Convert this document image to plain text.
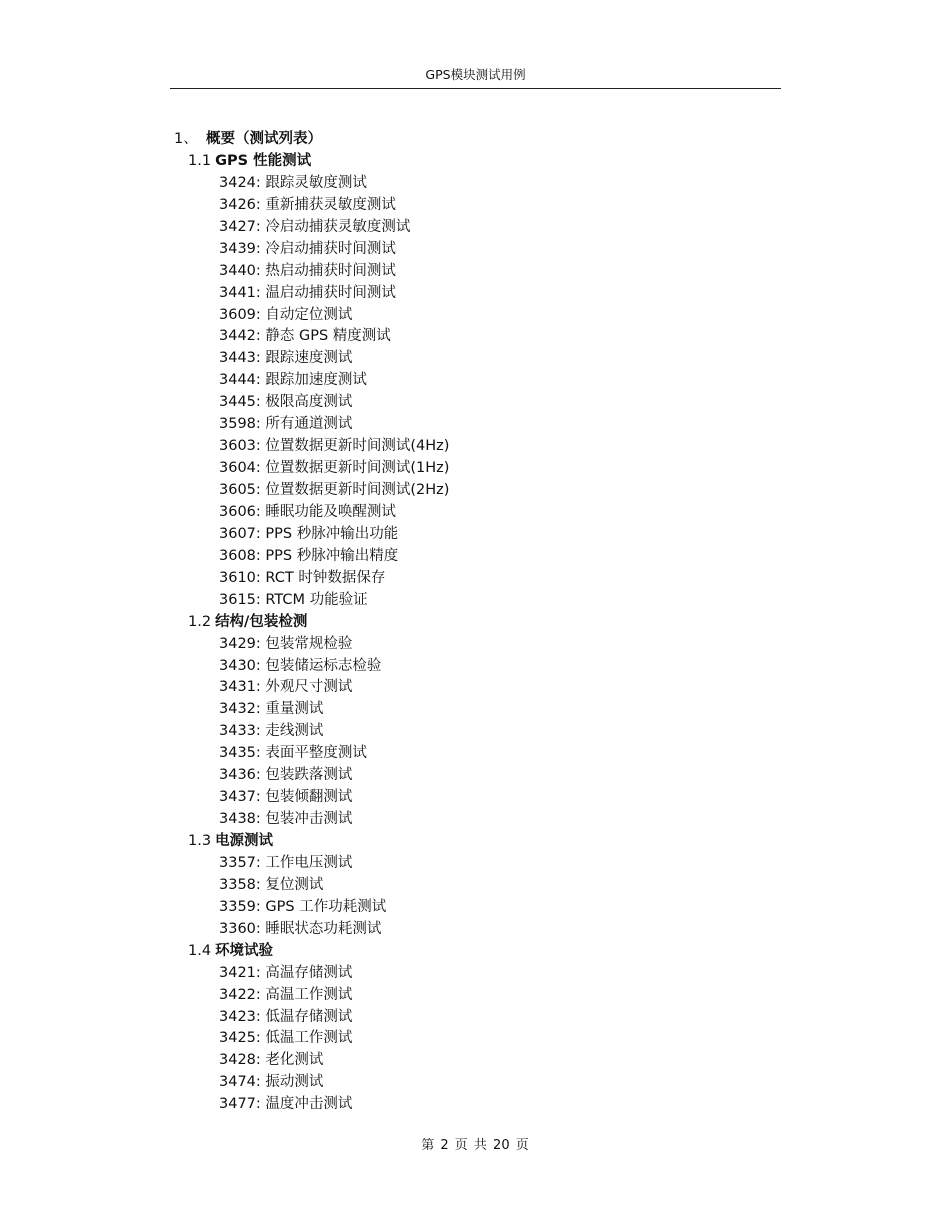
GPS模块测试用例
1、 概要（测试列表）
1.1 GPS 性能测试
3424: 跟踪灵敏度测试
3426: 重新捕获灵敏度测试
3427: 冷启动捕获灵敏度测试
3439: 冷启动捕获时间测试
3440: 热启动捕获时间测试
3441: 温启动捕获时间测试
3609: 自动定位测试
3442: 静态 GPS 精度测试
3443: 跟踪速度测试
3444: 跟踪加速度测试
3445: 极限高度测试
3598: 所有通道测试
3603: 位置数据更新时间测试(4Hz)
3604: 位置数据更新时间测试(1Hz)
3605: 位置数据更新时间测试(2Hz)
3606: 睡眠功能及唤醒测试
3607: PPS 秒脉冲输出功能
3608: PPS 秒脉冲输出精度
3610: RCT 时钟数据保存
3615: RTCM 功能验证
1.2 结构/包装检测
3429: 包装常规检验
3430: 包装储运标志检验
3431: 外观尺寸测试
3432: 重量测试
3433: 走线测试
3435: 表面平整度测试
3436: 包装跌落测试
3437: 包装倾翻测试
3438: 包装冲击测试
1.3 电源测试
3357: 工作电压测试
3358: 复位测试
3359: GPS 工作功耗测试
3360: 睡眠状态功耗测试
1.4 环境试验
3421: 高温存储测试
3422: 高温工作测试
3423: 低温存储测试
3425: 低温工作测试
3428: 老化测试
3474: 振动测试
3477: 温度冲击测试
第 2 页 共 20 页
